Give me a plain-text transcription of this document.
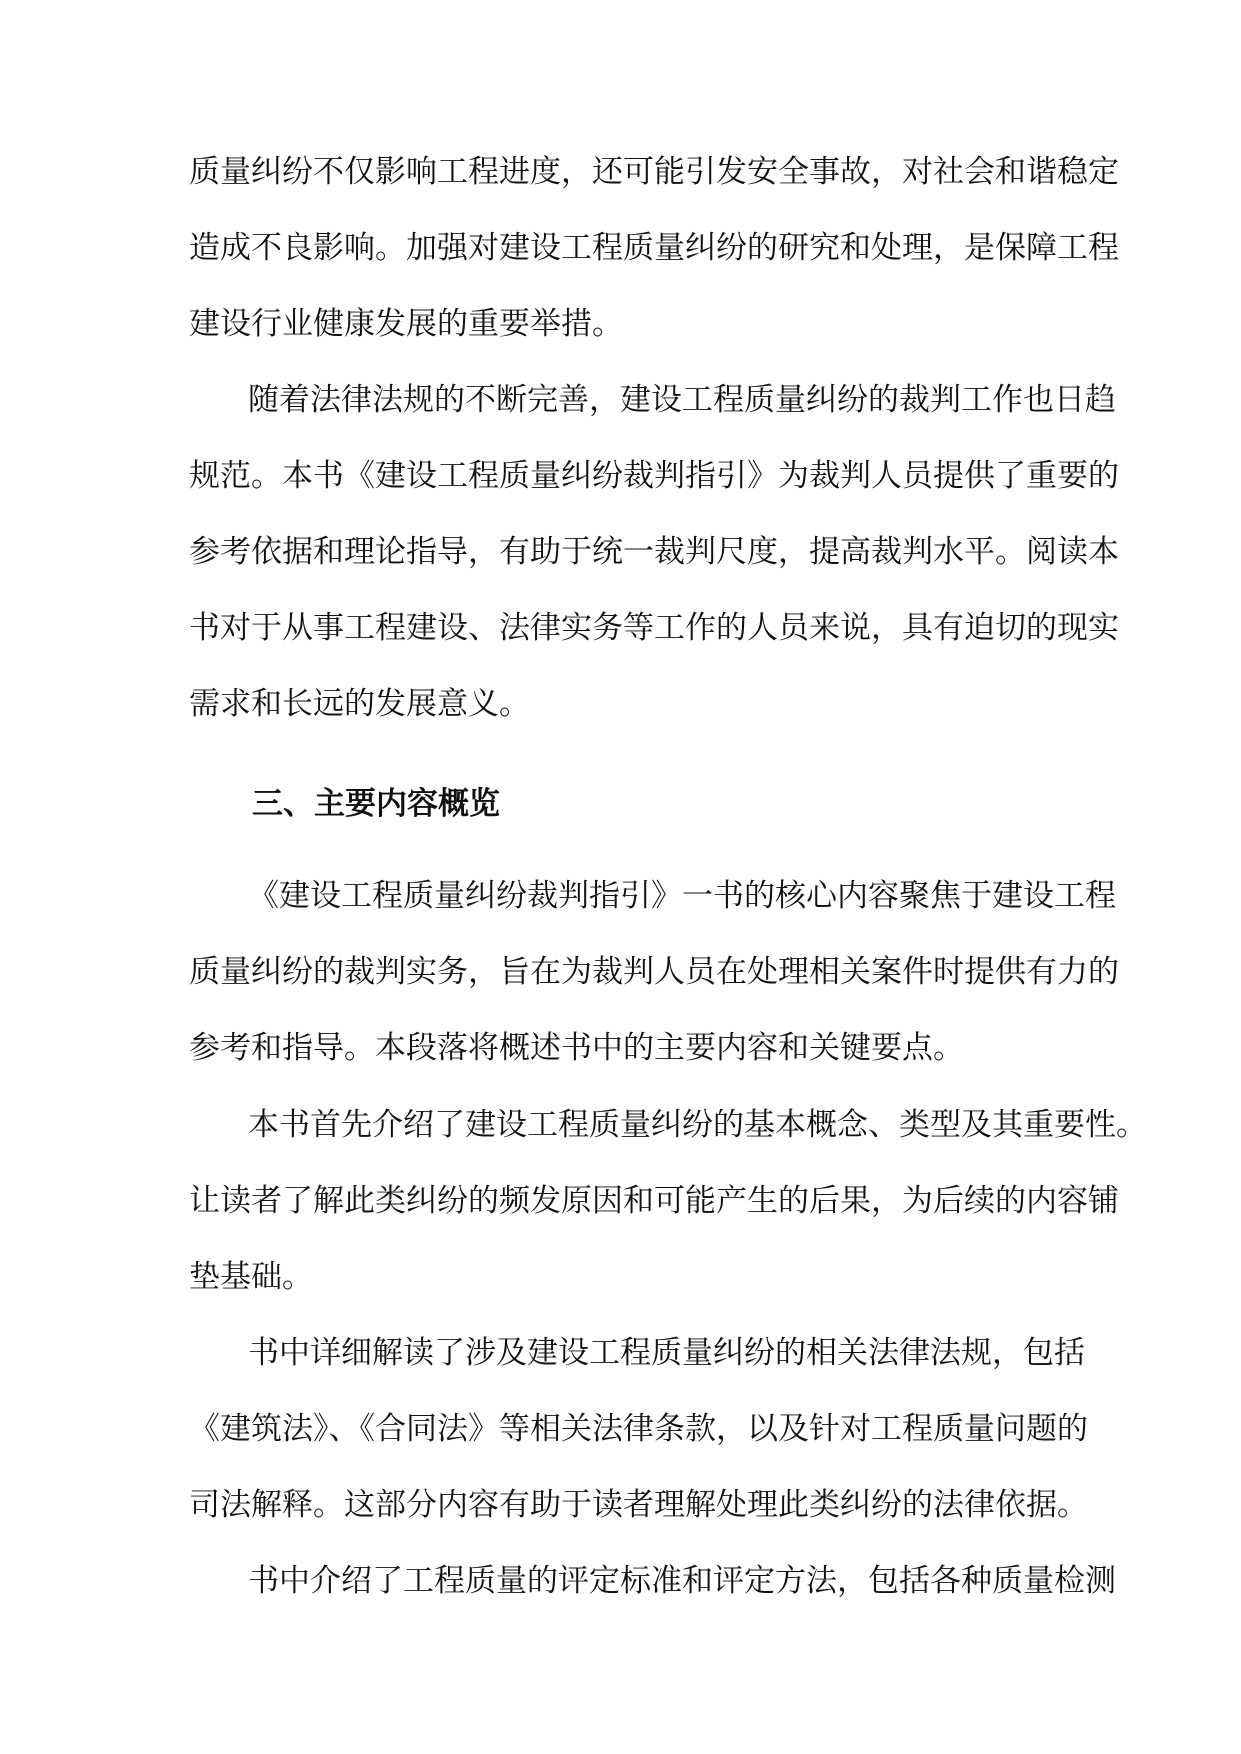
质量纠纷不仅影响工程进度，还可能引发安全事故，对社会和谐稳定
造成不良影响。加强对建设工程质量纠纷的研究和处理，是保障工程
建设行业健康发展的重要举措。
随着法律法规的不断完善，建设工程质量纠纷的裁判工作也日趋
规范。本书《建设工程质量纠纷裁判指引》为裁判人员提供了重要的
参考依据和理论指导，有助于统一裁判尺度，提高裁判水平。阅读本
书对于从事工程建设、法律实务等工作的人员来说，具有迫切的现实
需求和长远的发展意义。
三、主要内容概览
《建设工程质量纠纷裁判指引》一书的核心内容聚焦于建设工程
质量纠纷的裁判实务，旨在为裁判人员在处理相关案件时提供有力的
参考和指导。本段落将概述书中的主要内容和关键要点。
本书首先介绍了建设工程质量纠纷的基本概念、类型及其重要性。
让读者了解此类纠纷的频发原因和可能产生的后果，为后续的内容铺
垫基础。
书中详细解读了涉及建设工程质量纠纷的相关法律法规，包括
《建筑法》、《合同法》等相关法律条款，以及针对工程质量问题的
司法解释。这部分内容有助于读者理解处理此类纠纷的法律依据。
书中介绍了工程质量的评定标准和评定方法，包括各种质量检测
